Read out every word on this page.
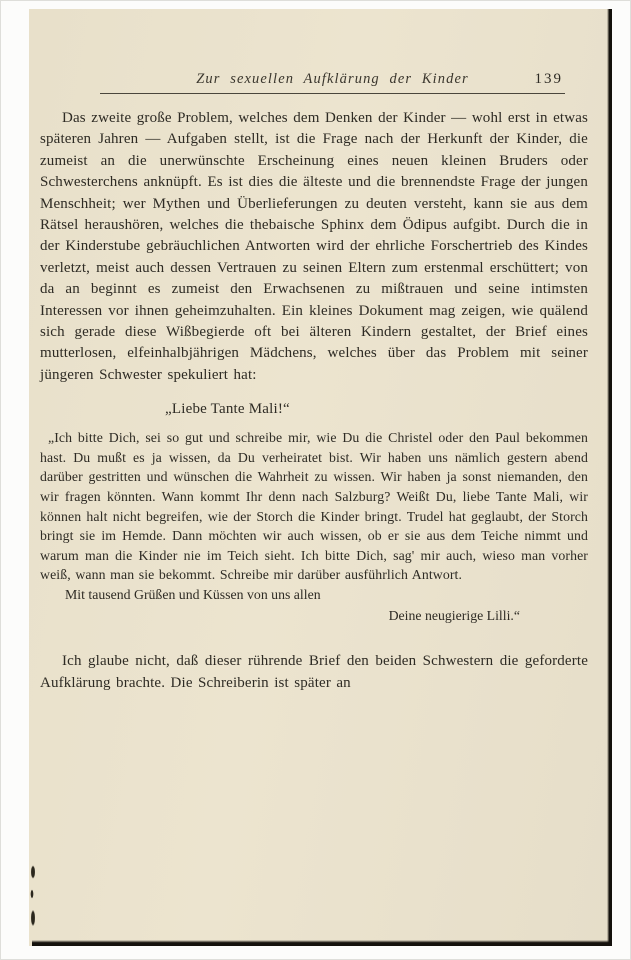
Zur sexuellen Aufklärung der Kinder	139

Das zweite große Problem, welches dem Denken der Kinder — wohl erst in etwas späteren Jahren — Aufgaben stellt, ist die Frage nach der Herkunft der Kinder, die zumeist an die unerwünschte Erscheinung eines neuen kleinen Bruders oder Schwesterchens anknüpft. Es ist dies die älteste und die brennendste Frage der jungen Menschheit; wer Mythen und Überlieferungen zu deuten versteht, kann sie aus dem Rätsel heraushören, welches die thebaische Sphinx dem Ödipus aufgibt. Durch die in der Kinderstube gebräuchlichen Antworten wird der ehrliche Forschertrieb des Kindes verletzt, meist auch dessen Vertrauen zu seinen Eltern zum erstenmal erschüttert; von da an beginnt es zumeist den Erwachsenen zu mißtrauen und seine intimsten Interessen vor ihnen geheimzuhalten. Ein kleines Dokument mag zeigen, wie quälend sich gerade diese Wißbegierde oft bei älteren Kindern gestaltet, der Brief eines mutterlosen, elfeinhalbjährigen Mädchens, welches über das Problem mit seiner jüngeren Schwester spekuliert hat:

„Liebe Tante Mali!“

„Ich bitte Dich, sei so gut und schreibe mir, wie Du die Christel oder den Paul bekommen hast. Du mußt es ja wissen, da Du verheiratet bist. Wir haben uns nämlich gestern abend darüber gestritten und wünschen die Wahrheit zu wissen. Wir haben ja sonst niemanden, den wir fragen könnten. Wann kommt Ihr denn nach Salzburg? Weißt Du, liebe Tante Mali, wir können halt nicht begreifen, wie der Storch die Kinder bringt. Trudel hat geglaubt, der Storch bringt sie im Hemde. Dann möchten wir auch wissen, ob er sie aus dem Teiche nimmt und warum man die Kinder nie im Teich sieht. Ich bitte Dich, sag' mir auch, wieso man vorher weiß, wann man sie bekommt. Schreibe mir darüber ausführlich Antwort.

Mit tausend Grüßen und Küssen von uns allen

Deine neugierige Lilli.“

Ich glaube nicht, daß dieser rührende Brief den beiden Schwestern die geforderte Aufklärung brachte. Die Schreiberin ist später an
